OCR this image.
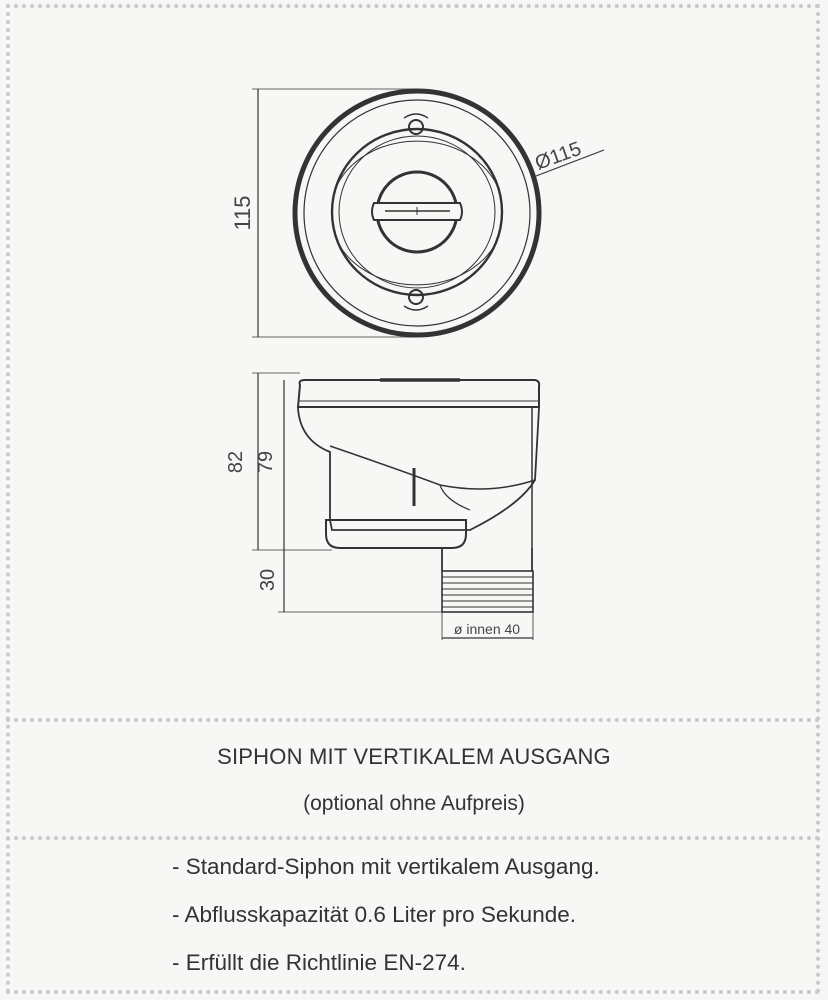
115
Ø115
82 79
30
ø innen 40
SIPHON MIT VERTIKALEM AUSGANG
(optional ohne Aufpreis)
- Standard-Siphon mit vertikalem Ausgang.
- Abflusskapazität 0.6 Liter pro Sekunde.
- Erfüllt die Richtlinie EN-274.
